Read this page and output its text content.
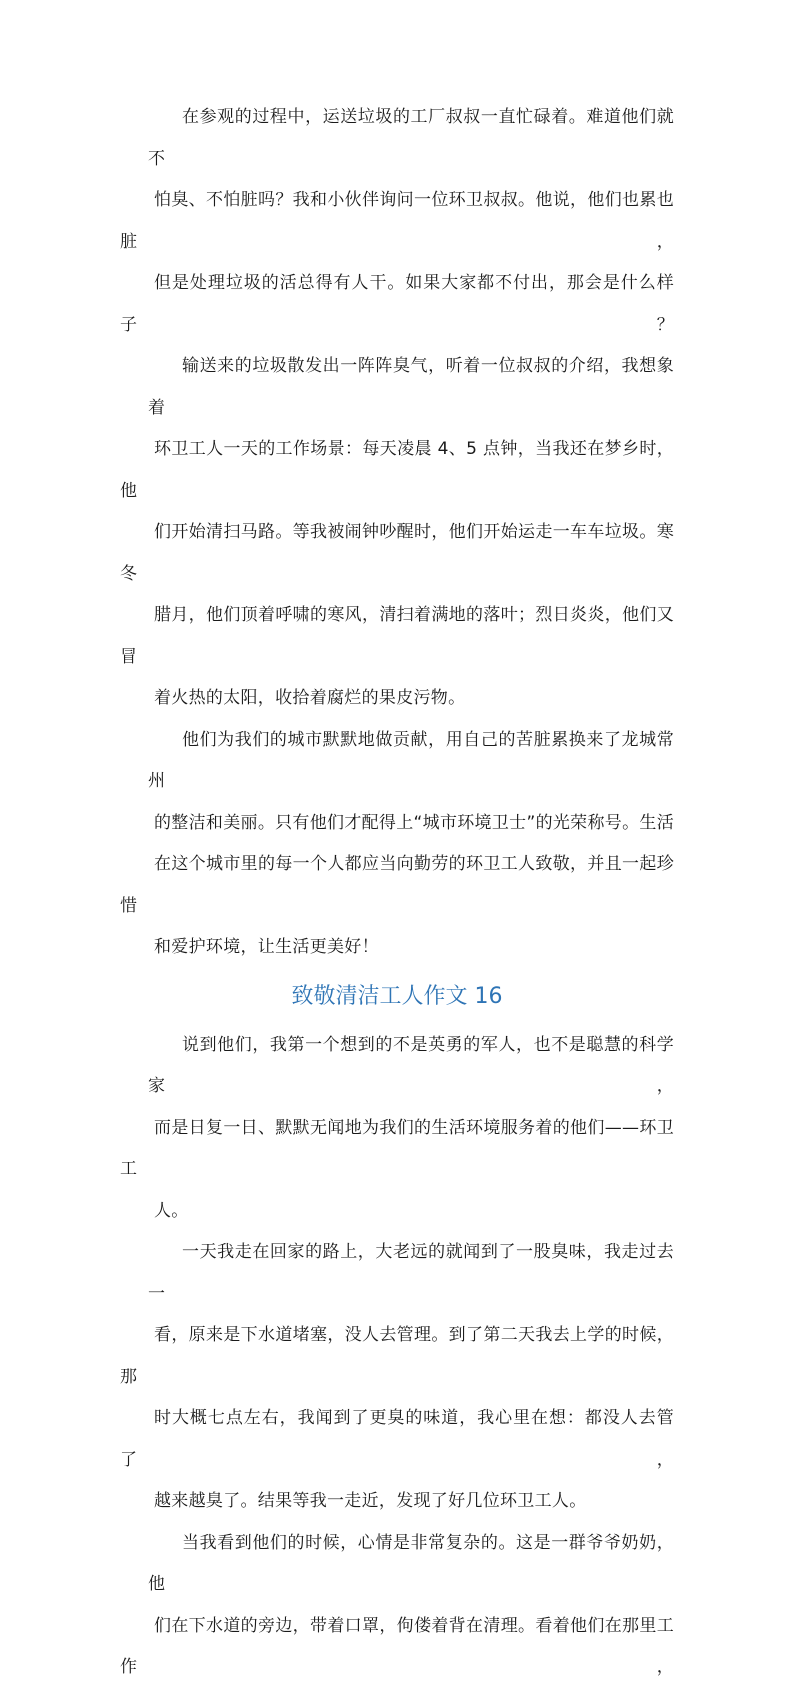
在参观的过程中，运送垃圾的工厂叔叔一直忙碌着。难道他们就不
怕臭、不怕脏吗？我和小伙伴询问一位环卫叔叔。他说，他们也累也脏，
但是处理垃圾的活总得有人干。如果大家都不付出，那会是什么样子？

输送来的垃圾散发出一阵阵臭气，听着一位叔叔的介绍，我想象着
环卫工人一天的工作场景：每天凌晨 4、5 点钟，当我还在梦乡时，他
们开始清扫马路。等我被闹钟吵醒时，他们开始运走一车车垃圾。寒冬
腊月，他们顶着呼啸的寒风，清扫着满地的落叶；烈日炎炎，他们又冒
着火热的太阳，收拾着腐烂的果皮污物。

他们为我们的城市默默地做贡献，用自己的苦脏累换来了龙城常州
的整洁和美丽。只有他们才配得上“城市环境卫士”的光荣称号。生活
在这个城市里的每一个人都应当向勤劳的环卫工人致敬，并且一起珍惜
和爱护环境，让生活更美好！

致敬清洁工人作文 16

说到他们，我第一个想到的不是英勇的军人，也不是聪慧的科学家，
而是日复一日、默默无闻地为我们的生活环境服务着的他们——环卫工
人。

一天我走在回家的路上，大老远的就闻到了一股臭味，我走过去一
看，原来是下水道堵塞，没人去管理。到了第二天我去上学的时候，那
时大概七点左右，我闻到了更臭的味道，我心里在想：都没人去管了，
越来越臭了。结果等我一走近，发现了好几位环卫工人。

当我看到他们的时候，心情是非常复杂的。这是一群爷爷奶奶，他
们在下水道的旁边，带着口罩，佝偻着背在清理。看着他们在那里工作，
